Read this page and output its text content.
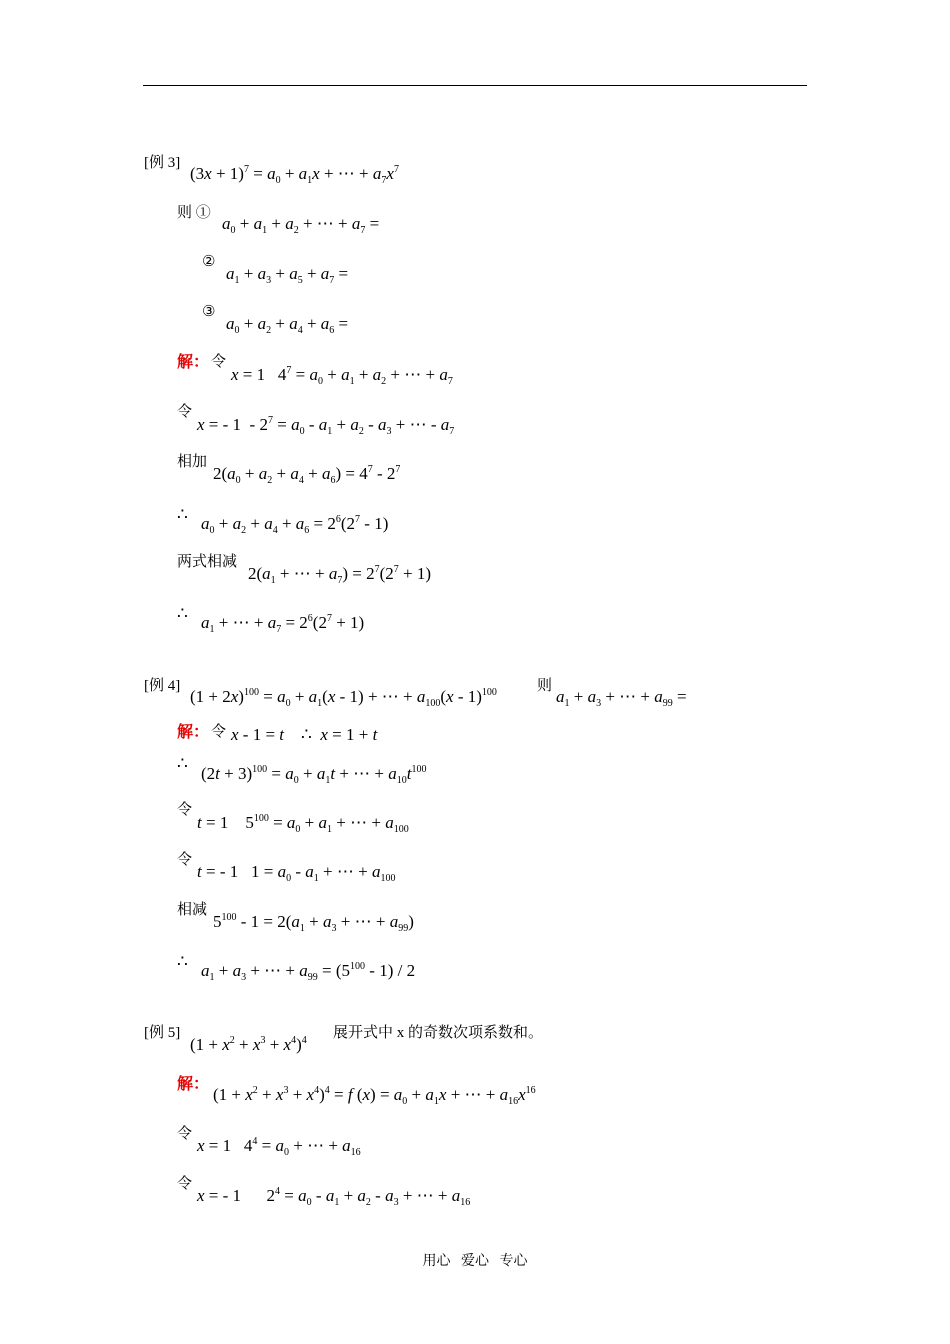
[例 3]
$(3x + 1)^7 = a_0 + a_1x$ + ⋯ + $a_7x^7$
则 ①
$a_0 + a_1 + a_2$ + ⋯ + $a_7$ =
②
$a_1 + a_3 + a_5 + a_7$ =
③
$a_0 + a_2 + a_4 + a_6$ =
解： 令
x = 1   $4^7 = a_0 + a_1 + a_2$ + ⋯ + $a_7$
令
x = - $1 - 2^7 = a_0 - a_1 + a_2 - a_3$ + ⋯ - $a_7$
相加
$2(a_0 + a_2 + a_4 + a_6) = 4^7 - 2^7$
∴ $a_0 + a_2 + a_4 + a_6 = 2^6(2^7 - 1)$
两式相减
$2(a_1$ + ⋯ + $a_7) = 2^7(2^7 + 1)$
∴ $a_1$ + ⋯ + $a_7 = 2^6(2^7 + 1)$
[例 4]
$(1 + 2x)^{100} = a_0 + a_1(x - 1)$ + ⋯ + $a_{100}(x - 1)^{100}$	则
$a_1 + a_3$ + ⋯ + $a_{99}$ =
解： 令 x - 1 = t    ∴  x = 1 + t
∴
$(2t + 3)^{100} = a_0 + a_1t$ + ⋯ + $a_{10}t^{100}$
令
t = 1    $5^{100} = a_0 + a_1$ + ⋯ + $a_{100}$
令
t = - 1   $1 = a_0 - a_1$ + ⋯ + $a_{100}$
相减
$5^{100} - 1 = 2(a_1 + a_3$ + ⋯ + $a_{99}$)
∴ $a_1 + a_3$ + ⋯ + $a_{99} = (5^{100} - 1) / 2$
[例 5]
$(1 + x^2 + x^3 + x^4)^4$ 展开式中 x 的奇数次项系数和。
解：
$(1 + x^2 + x^3 + x^4)^4 = f$ $(x) = a_0 + a_1x$ + ⋯ + $a_{16}x^{16}$
令
x = 1   $4^4 = a_0$ + ⋯ + $a_{16}$
令
x = - 1      $2^4 = a_0 - a_1 + a_2 - a_3$ + ⋯ + $a_{16}$
用心   爱心   专心
